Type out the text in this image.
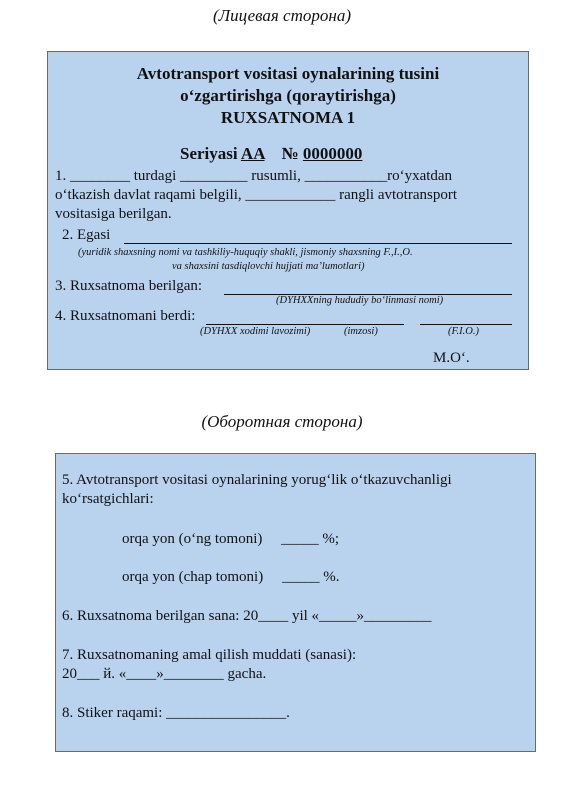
(Лицевая сторона)
Avtotransport vositasi oynalarining tusini
o‘zgartirishga (qoraytirishga)
RUXSATNOMA 1
Seriyasi AA № 0000000
1. ________ turdagi _________ rusumli, ___________ro‘yxatdan
o‘tkazish davlat raqami belgili, ____________ rangli avtotransport
vositasiga berilgan.
2. Egasi
(yuridik shaxsning nomi va tashkiliy-huquqiy shakli, jismoniy shaxsning F.,I.,O.
va shaxsini tasdiqlovchi hujjati ma’lumotlari)
3. Ruxsatnoma berilgan:
(DYHXXning hududiy bo‘linmasi nomi)
4. Ruxsatnomani berdi:
(DYHXX xodimi lavozimi)	(imzosi)	(F.I.O.)
M.O‘.
(Оборотная сторона)
5. Avtotransport vositasi oynalarining yorug‘lik o‘tkazuvchanligi
ko‘rsatgichlari:
orqa yon (o‘ng tomoni)     _____ %;
orqa yon (chap tomoni)     _____ %.
6. Ruxsatnoma berilgan sana: 20____ yil «_____»_________
7. Ruxsatnomaning amal qilish muddati (sanasi):
20___ й. «____»________ gacha.
8. Stiker raqami: ________________.
